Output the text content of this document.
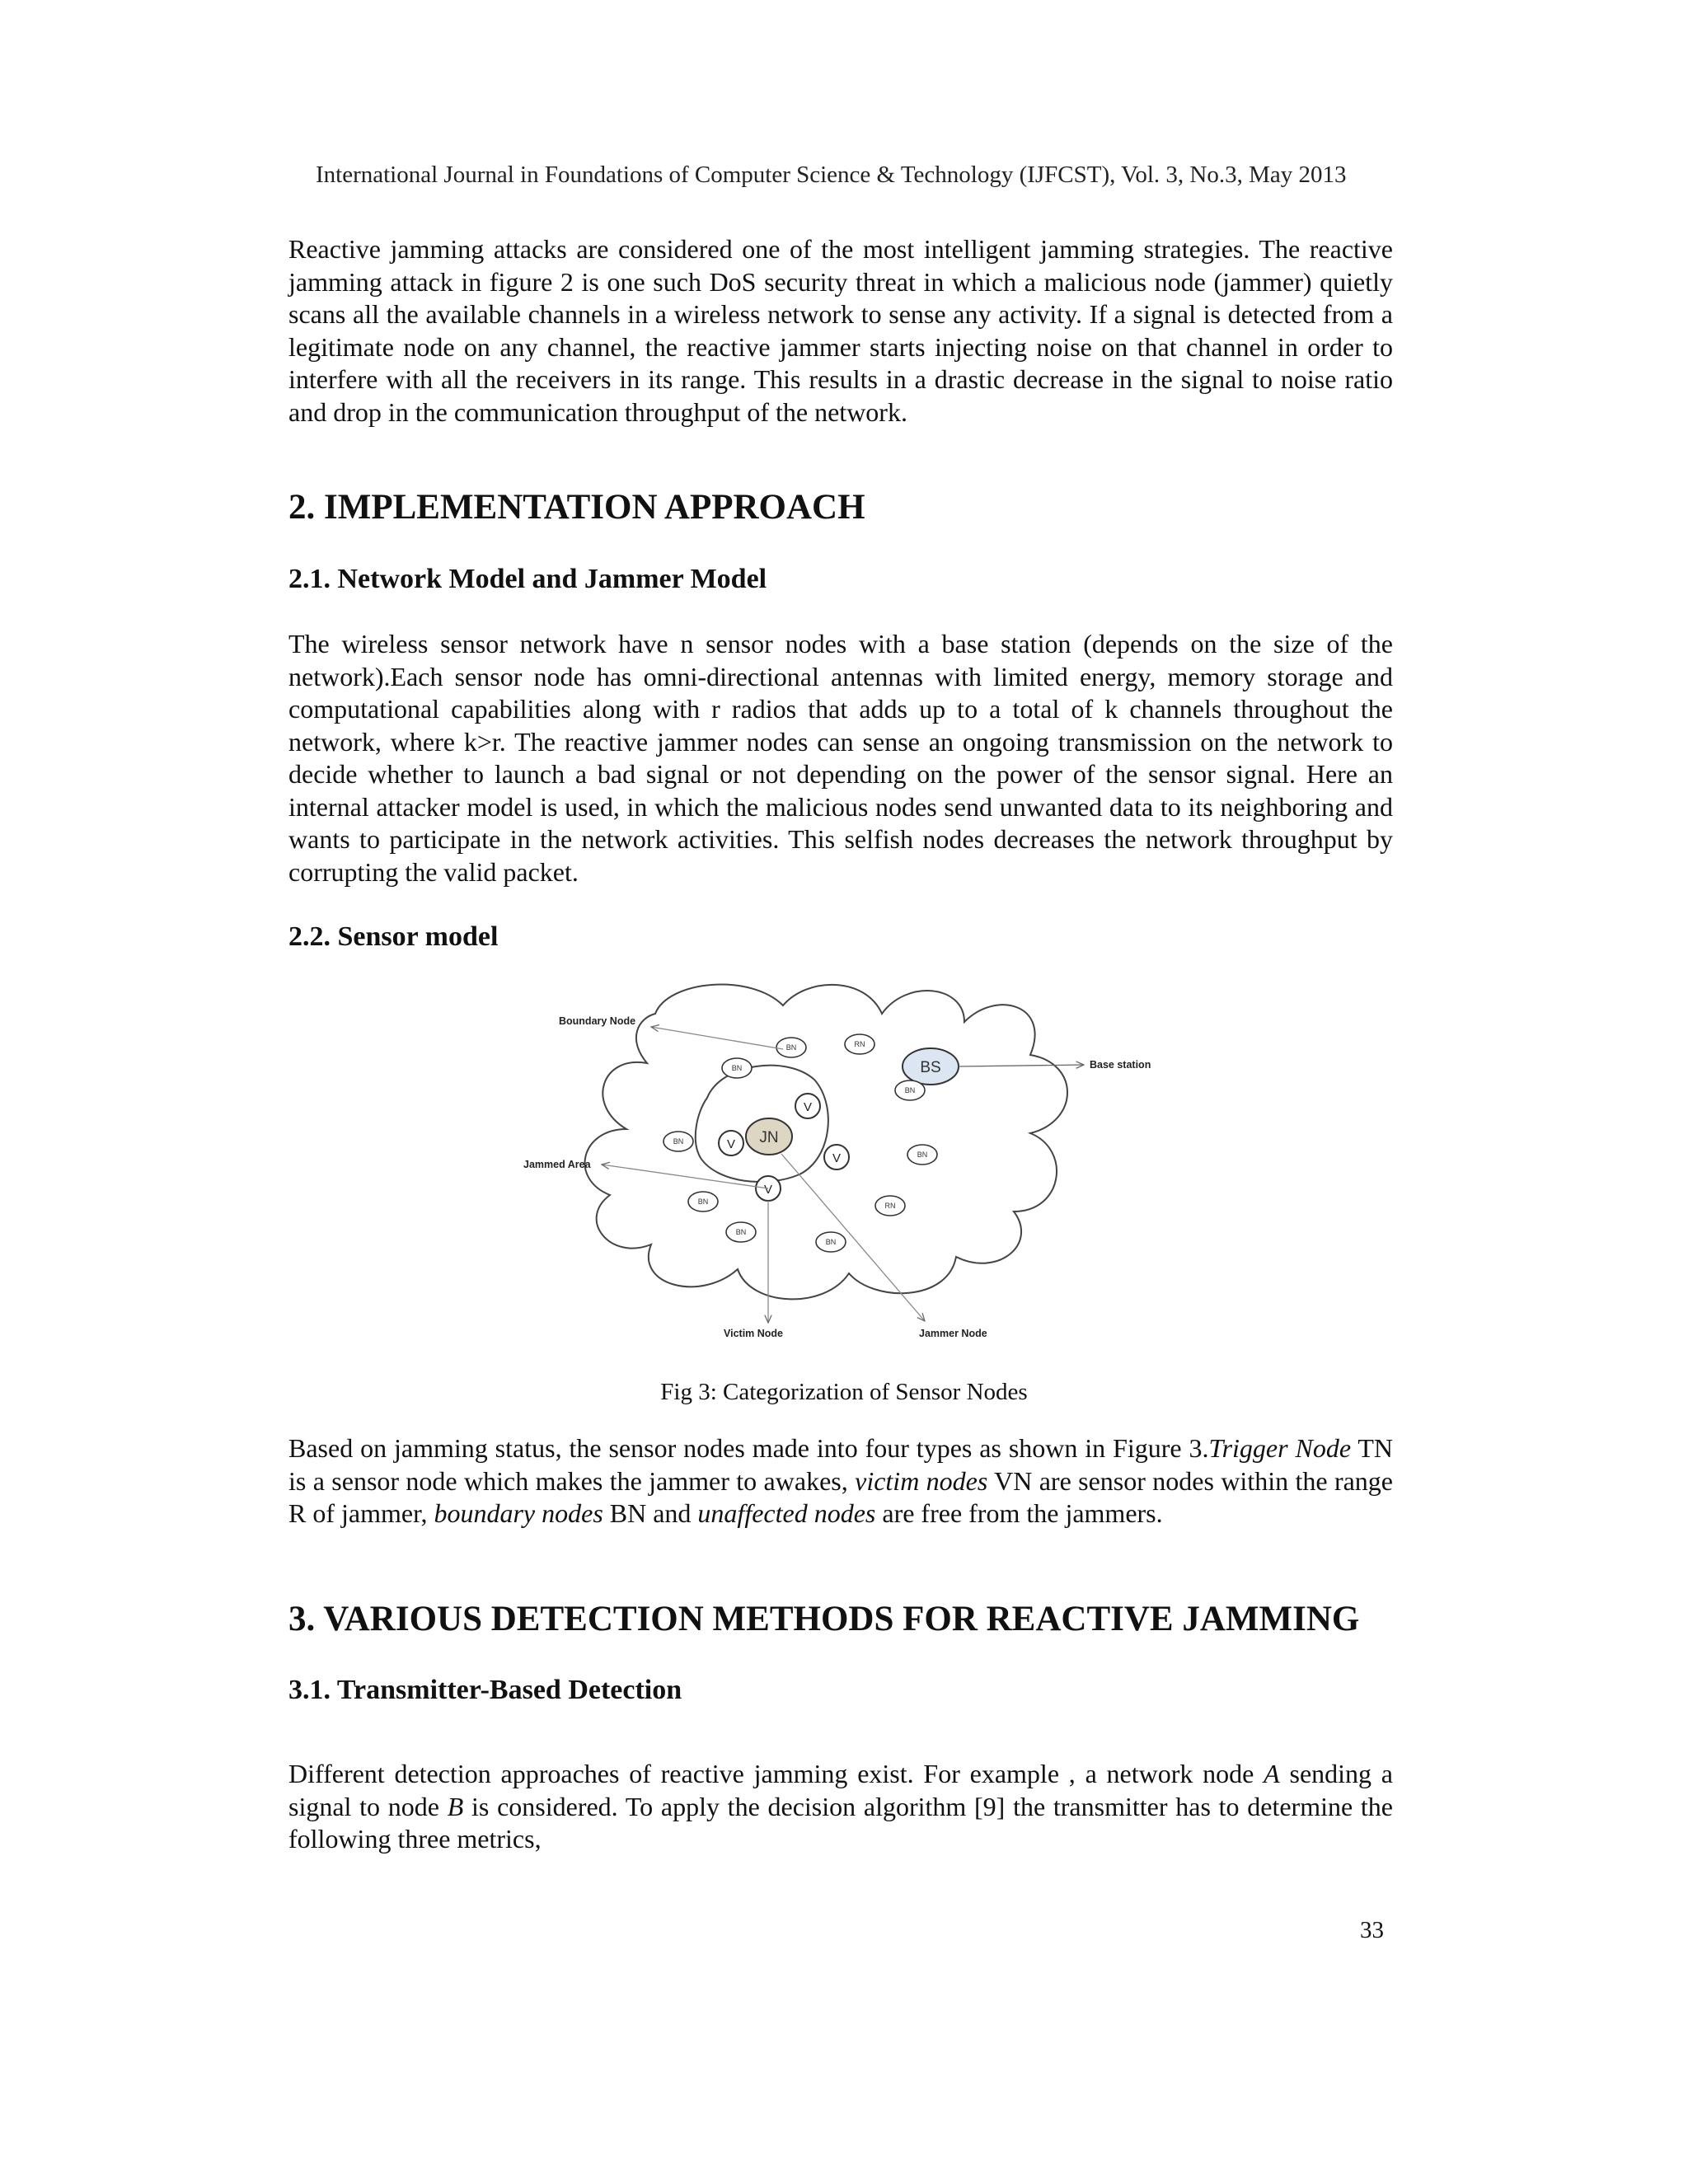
International Journal in Foundations of Computer Science & Technology (IJFCST), Vol. 3, No.3, May 2013

Reactive jamming attacks are considered one of the most intelligent jamming strategies. The reactive jamming attack in figure 2 is one such DoS security threat in which a malicious node (jammer) quietly scans all the available channels in a wireless network to sense any activity. If a signal is detected from a legitimate node on any channel, the reactive jammer starts injecting noise on that channel in order to interfere with all the receivers in its range. This results in a drastic decrease in the signal to noise ratio and drop in the communication throughput of the network.

2. IMPLEMENTATION APPROACH
2.1. Network Model and Jammer Model

The wireless sensor network have n sensor nodes with a base station (depends on the size of the network).Each sensor node has omni-directional antennas with limited energy, memory storage and computational capabilities along with r radios that adds up to a total of k channels throughout the network, where k>r. The reactive jammer nodes can sense an ongoing transmission on the network to decide whether to launch a bad signal or not depending on the power of the sensor signal. Here an internal attacker model is used, in which the malicious nodes send unwanted data to its neighboring and wants to participate in the network activities. This selfish nodes decreases the network throughput by corrupting the valid packet.

2.2. Sensor model
JN
BS
V
V
V
V
BN
BN	RN
BN
BN
BN
BN	RN
BN
BN
Boundary Node
Base station
Jammed Area
Victim Node	Jammer Node
Fig 3: Categorization of Sensor Nodes

Based on jamming status, the sensor nodes made into four types as shown in Figure 3.Trigger Node TN is a sensor node which makes the jammer to awakes, victim nodes VN are sensor nodes within the range R of jammer, boundary nodes BN and unaffected nodes are free from the jammers.

3. VARIOUS DETECTION METHODS FOR REACTIVE JAMMING
3.1. Transmitter-Based Detection

Different detection approaches of reactive jamming exist. For example , a network node A sending a signal to node B is considered. To apply the decision algorithm [9] the transmitter has to determine the following three metrics,

33
